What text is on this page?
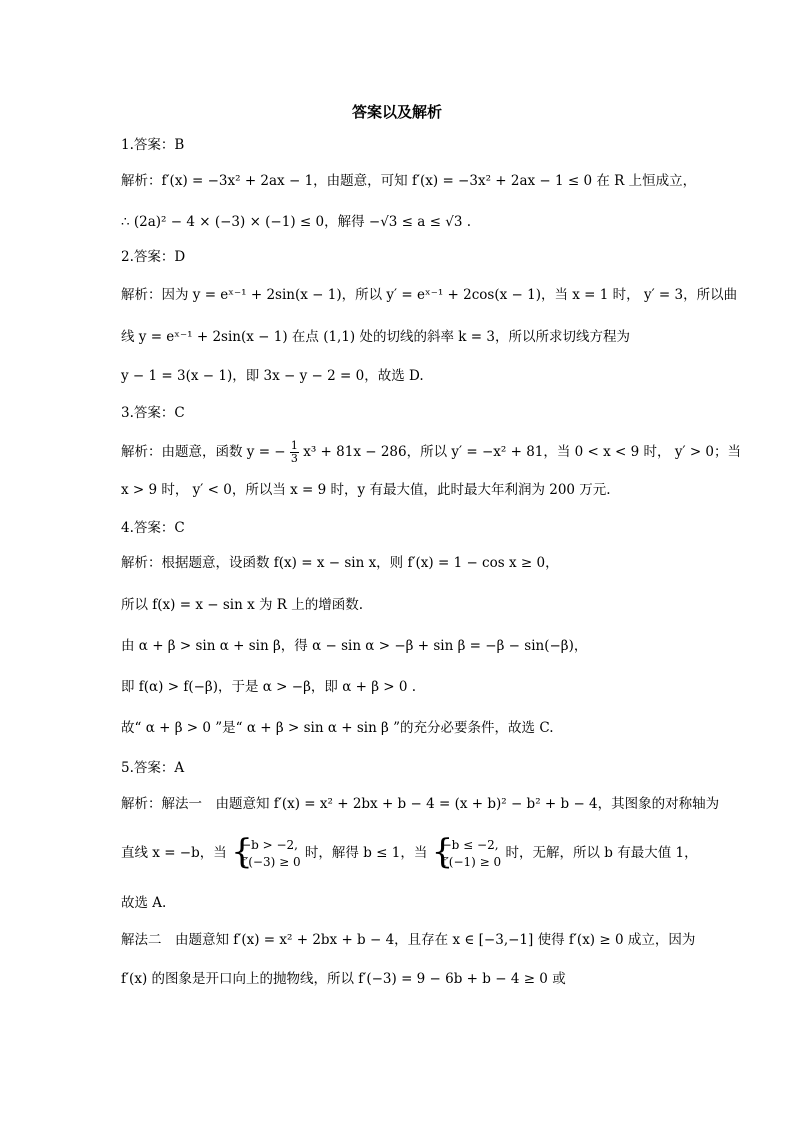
答案以及解析
1.答案：B
解析：f′(x) = −3x² + 2ax − 1，由题意，可知 f′(x) = −3x² + 2ax − 1 ≤ 0 在 R 上恒成立，
∴ (2a)² − 4 × (−3) × (−1) ≤ 0，解得 −√3 ≤ a ≤ √3 .
2.答案：D
解析：因为 y = eˣ⁻¹ + 2sin(x − 1)，所以 y′ = eˣ⁻¹ + 2cos(x − 1)，当 x = 1 时， y′ = 3，所以曲
线 y = eˣ⁻¹ + 2sin(x − 1) 在点 (1,1) 处的切线的斜率 k = 3，所以所求切线方程为
y − 1 = 3(x − 1)，即 3x − y − 2 = 0，故选 D.
3.答案：C
解析：由题意，函数 y = − $\frac{1}{3} x^3 + 81x - 286$，所以 y′ = −x² + 81，当 0 < x < 9 时， y′ > 0；当
x > 9 时， y′ < 0，所以当 x = 9 时，y 有最大值，此时最大年利润为 200 万元.
4.答案：C
解析：根据题意，设函数 f(x) = x − sin x，则 f′(x) = 1 − cos x ≥ 0，
所以 f(x) = x − sin x 为 R 上的增函数.
由 α + β > sin α + sin β，得 α − sin α > −β + sin β = −β − sin(−β)，
即 f(α) > f(−β)，于是 α > −β，即 α + β > 0 .
故“ α + β > 0 ”是“ α + β > sin α + sin β ”的充分必要条件，故选 C.
5.答案：A
解析：解法一　由题意知 f′(x) = x² + 2bx + b − 4 = (x + b)² − b² + b − 4，其图象的对称轴为
直线 x = −b，当 {
−b > −2,
f′(−3) ≥ 0
时，解得 b ≤ 1，当 {
−b ≤ −2,
f′(−1) ≥ 0
时，无解，所以 b 有最大值 1，
故选 A.
解法二　由题意知 f′(x) = x² + 2bx + b − 4，且存在 x ∈ [−3,−1] 使得 f′(x) ≥ 0 成立，因为
f′(x) 的图象是开口向上的抛物线，所以 f′(−3) = 9 − 6b + b − 4 ≥ 0 或
